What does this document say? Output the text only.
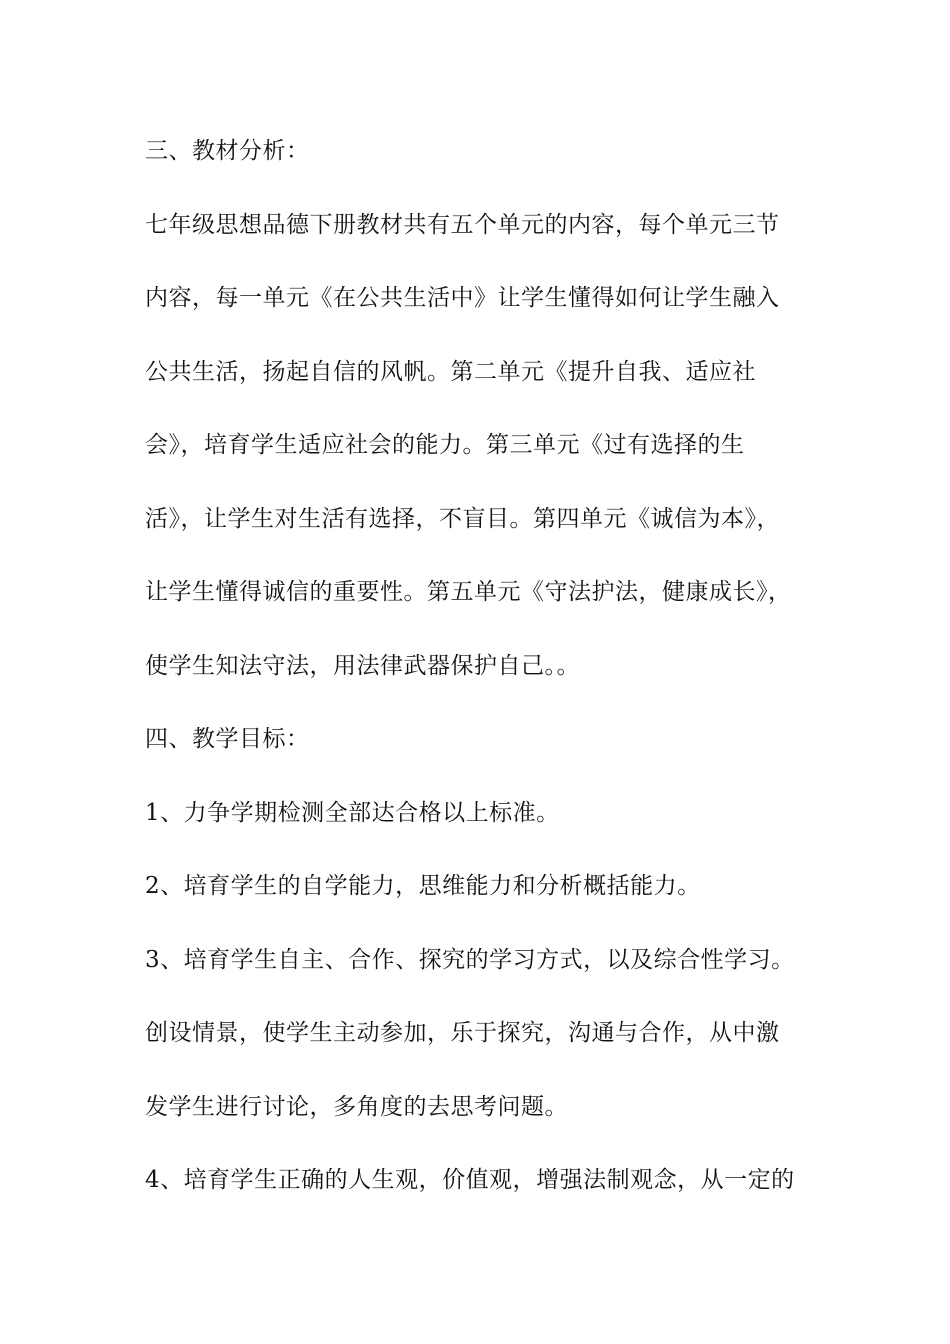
三、教材分析：
七年级思想品德下册教材共有五个单元的内容，每个单元三节
内容，每一单元《在公共生活中》让学生懂得如何让学生融入
公共生活，扬起自信的风帆。第二单元《提升自我、适应社
会》，培育学生适应社会的能力。第三单元《过有选择的生
活》，让学生对生活有选择，不盲目。第四单元《诚信为本》，
让学生懂得诚信的重要性。第五单元《守法护法，健康成长》，
使学生知法守法，用法律武器保护自己。。
四、教学目标：
1、力争学期检测全部达合格以上标准。
2、培育学生的自学能力，思维能力和分析概括能力。
3、培育学生自主、合作、探究的学习方式，以及综合性学习。
创设情景，使学生主动参加，乐于探究，沟通与合作，从中激
发学生进行讨论，多角度的去思考问题。
4、培育学生正确的人生观，价值观，增强法制观念，从一定的
